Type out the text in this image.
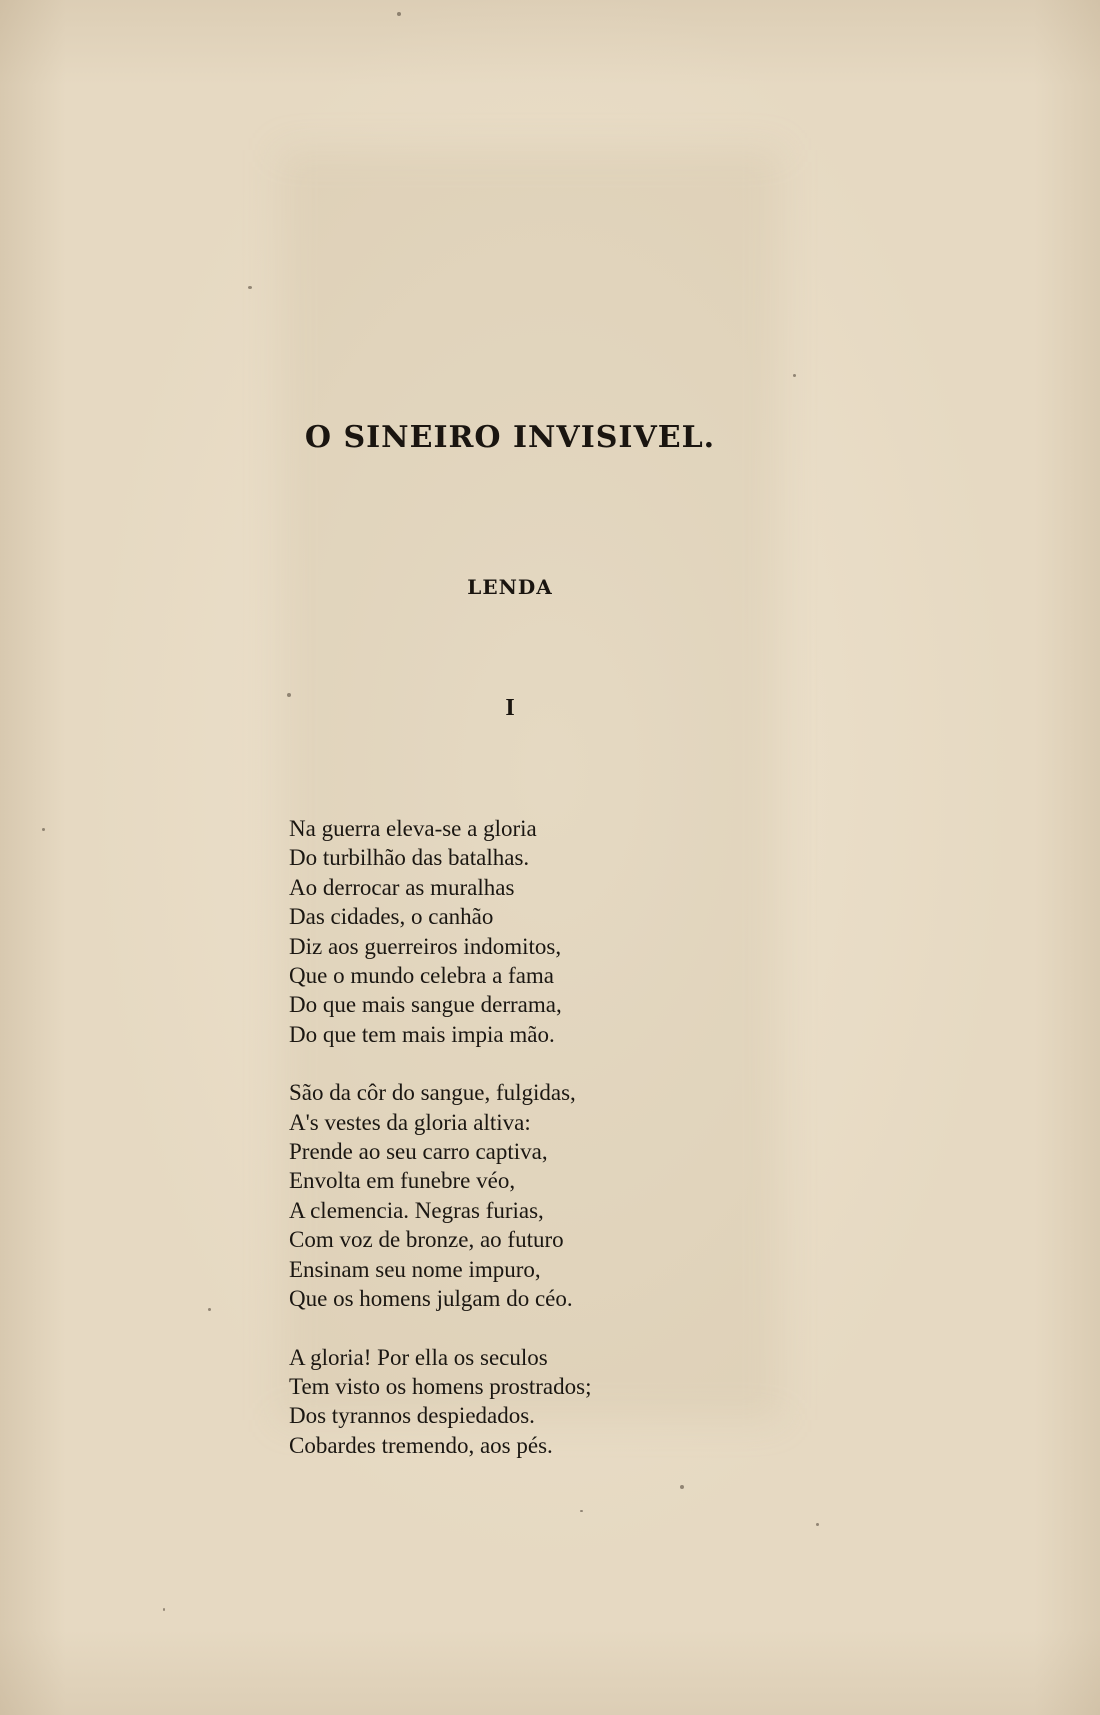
O SINEIRO INVISIVEL.
LENDA
I
Na guerra eleva-se a gloria
Do turbilhão das batalhas.
Ao derrocar as muralhas
Das cidades, o canhão
Diz aos guerreiros indomitos,
Que o mundo celebra a fama
Do que mais sangue derrama,
Do que tem mais impia mão.
São da côr do sangue, fulgidas,
A's vestes da gloria altiva:
Prende ao seu carro captiva,
Envolta em funebre véo,
A clemencia. Negras furias,
Com voz de bronze, ao futuro
Ensinam seu nome impuro,
Que os homens julgam do céo.
A gloria! Por ella os seculos
Tem visto os homens prostrados;
Dos tyrannos despiedados.
Cobardes tremendo, aos pés.
